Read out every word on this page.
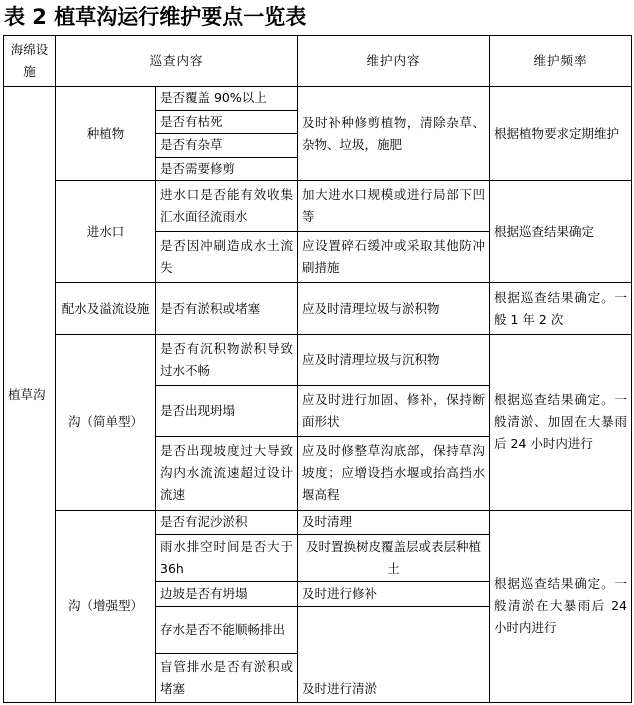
表 2 植草沟运行维护要点一览表
海绵设施	巡查内容		维护内容	维护频率
植草沟	种植物	是否覆盖 90%以上	及时补种修剪植物，清除杂草、杂物、垃圾，施肥	根据植物要求定期维护
		是否有枯死		
		是否有杂草		
		是否需要修剪		
	进水口	进水口是否能有效收集汇水面径流雨水	加大进水口规模或进行局部下凹等	根据巡查结果确定
		是否因冲刷造成水土流失	应设置碎石缓冲或采取其他防冲刷措施	
	配水及溢流设施	是否有淤积或堵塞	应及时清理垃圾与淤积物	根据巡查结果确定。一般 1 年 2 次
	沟（简单型）	是否有沉积物淤积导致过水不畅	应及时清理垃圾与沉积物	根据巡查结果确定。一般清淤、加固在大暴雨后 24 小时内进行
		是否出现坍塌	应及时进行加固、修补，保持断面形状	
		是否出现坡度过大导致沟内水流流速超过设计流速	应及时修整草沟底部，保持草沟坡度；应增设挡水堰或抬高挡水堰高程	
	沟（增强型）	是否有泥沙淤积	及时清理	根据巡查结果确定。一般清淤在大暴雨后 24 小时内进行
		雨水排空时间是否大于 36h	及时置换树皮覆盖层或表层种植土	
		边坡是否有坍塌	及时进行修补	
		存水是否不能顺畅排出	及时进行清淤	
		盲管排水是否有淤积或堵塞		
